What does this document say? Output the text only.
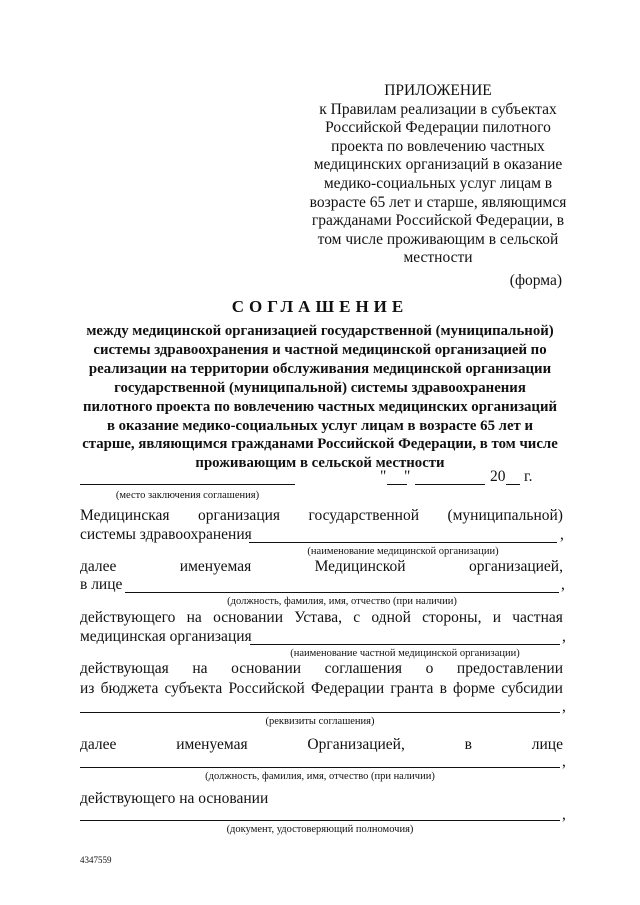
ПРИЛОЖЕНИЕ
к Правилам реализации в субъектах
Российской Федерации пилотного
проекта по вовлечению частных
медицинских организаций в оказание
медико-социальных услуг лицам в
возрасте 65 лет и старше, являющимся
гражданами Российской Федерации, в
том числе проживающим в сельской
местности
(форма)
СОГЛАШЕНИЕ
между медицинской организацией государственной (муниципальной)
системы здравоохранения и частной медицинской организацией по
реализации на территории обслуживания медицинской организации
государственной (муниципальной) системы здравоохранения
пилотного проекта по вовлечению частных медицинских организаций
в оказание медико-социальных услуг лицам в возрасте 65 лет и
старше, являющимся гражданами Российской Федерации, в том числе
проживающим в сельской местности
(место заключения соглашения)
" "	20 г.
Медицинская организация государственной (муниципальной)
системы здравоохранения	,
(наименование медицинской организации)
далее	именуемая	Медицинской	организацией,
в лице	,
(должность, фамилия, имя, отчество (при наличии)
действующего на основании Устава, с одной стороны, и частная
медицинская организация	,
(наименование частной медицинской организации)
действующая на основании соглашения о предоставлении
из бюджета субъекта Российской Федерации гранта в форме субсидии
,
(реквизиты соглашения)
далее	именуемая	Организацией,	в	лице
,
(должность, фамилия, имя, отчество (при наличии)
действующего на основании
,
(документ, удостоверяющий полномочия)
4347559
